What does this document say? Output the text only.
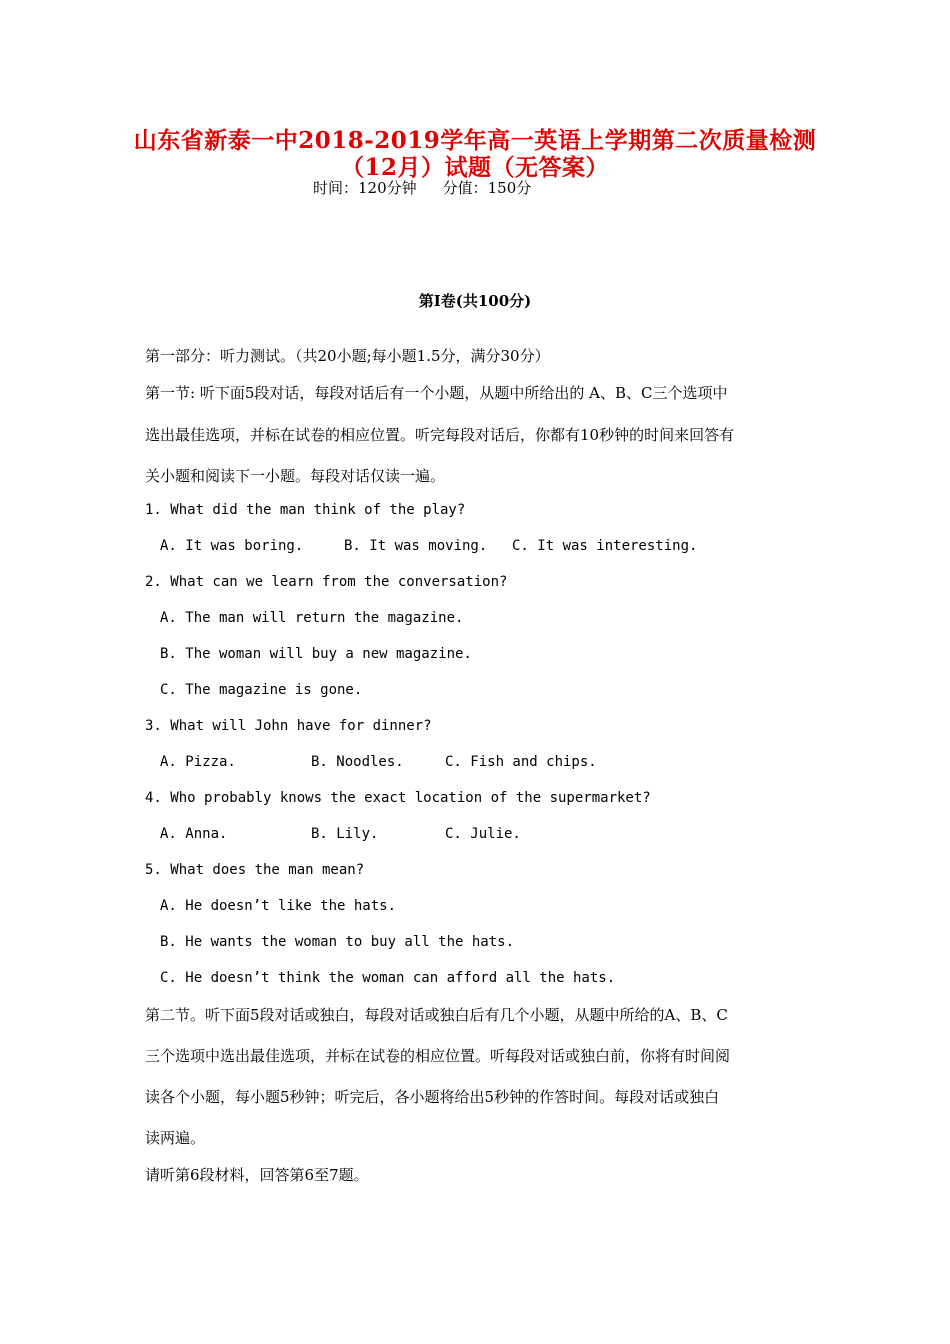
山东省新泰一中2018-2019学年高一英语上学期第二次质量检测
（12月）试题（无答案）
时间：120分钟 分值：150分
第I卷(共100分)
第一部分：听力测试。（共20小题;每小题1.5分，满分30分）
第一节: 听下面5段对话，每段对话后有一个小题，从题中所给出的 A、B、C三个选项中
选出最佳选项，并标在试卷的相应位置。听完每段对话后，你都有10秒钟的时间来回答有
关小题和阅读下一小题。每段对话仅读一遍。
1. What did the man think of the play?
A. It was boring.	B. It was moving. C. It was interesting.
2. What can we learn from the conversation?
A. The man will return the magazine.
B. The woman will buy a new magazine.
C. The magazine is gone.
3. What will John have for dinner?
A. Pizza.	B. Noodles.	C. Fish and chips.
4. Who probably knows the exact location of the supermarket?
A. Anna.	B. Lily.	C. Julie.
5. What does the man mean?
A. He doesn’t like the hats.
B. He wants the woman to buy all the hats.
C. He doesn’t think the woman can afford all the hats.
第二节。听下面5段对话或独白，每段对话或独白后有几个小题，从题中所给的A、B、C
三个选项中选出最佳选项，并标在试卷的相应位置。听每段对话或独白前，你将有时间阅
读各个小题，每小题5秒钟；听完后，各小题将给出5秒钟的作答时间。每段对话或独白
读两遍。
请听第6段材料，回答第6至7题。
